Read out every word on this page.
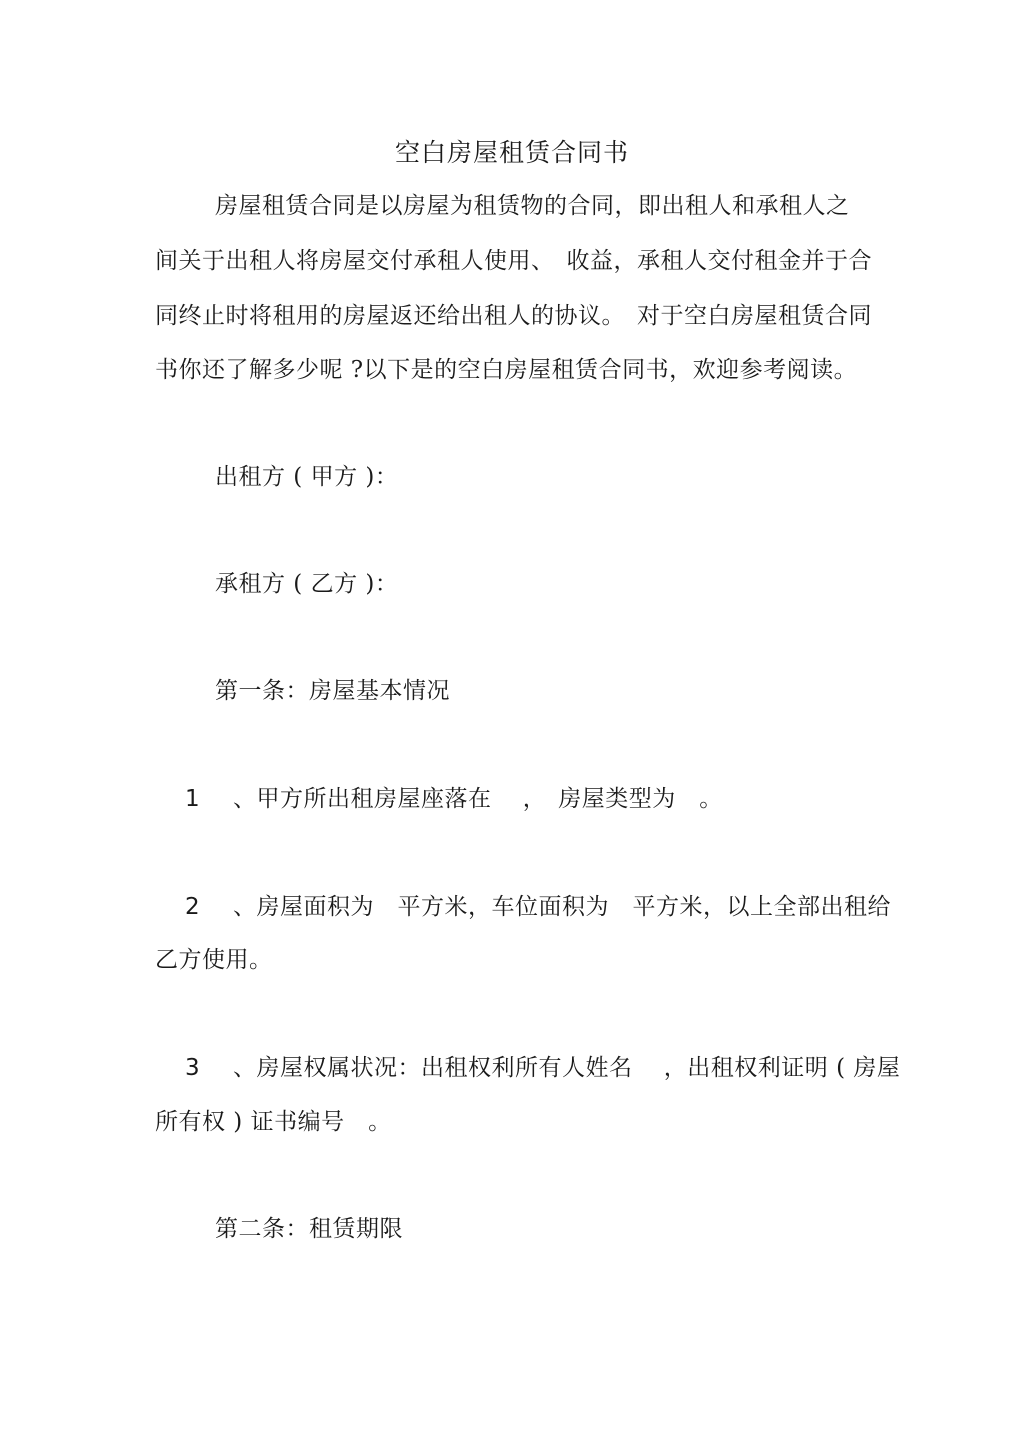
空白房屋租赁合同书
房屋租赁合同是以房屋为租赁物的合同，即出租人和承租人之
间关于出租人将房屋交付承租人使用、　收益，承租人交付租金并于合
同终止时将租用的房屋返还给出租人的协议。　对于空白房屋租赁合同
书你还了解多少呢 ?以下是的空白房屋租赁合同书，欢迎参考阅读。
出租方 ( 甲方 )：
承租方 ( 乙方 )：
第一条：房屋基本情况
1 、甲方所出租房屋座落在　 ，　房屋类型为　。
2 、房屋面积为　平方米，车位面积为　平方米，以上全部出租给
乙方使用。
3 、房屋权属状况：出租权利所有人姓名　 ，出租权利证明 ( 房屋
所有权 ) 证书编号　。
第二条：租赁期限
